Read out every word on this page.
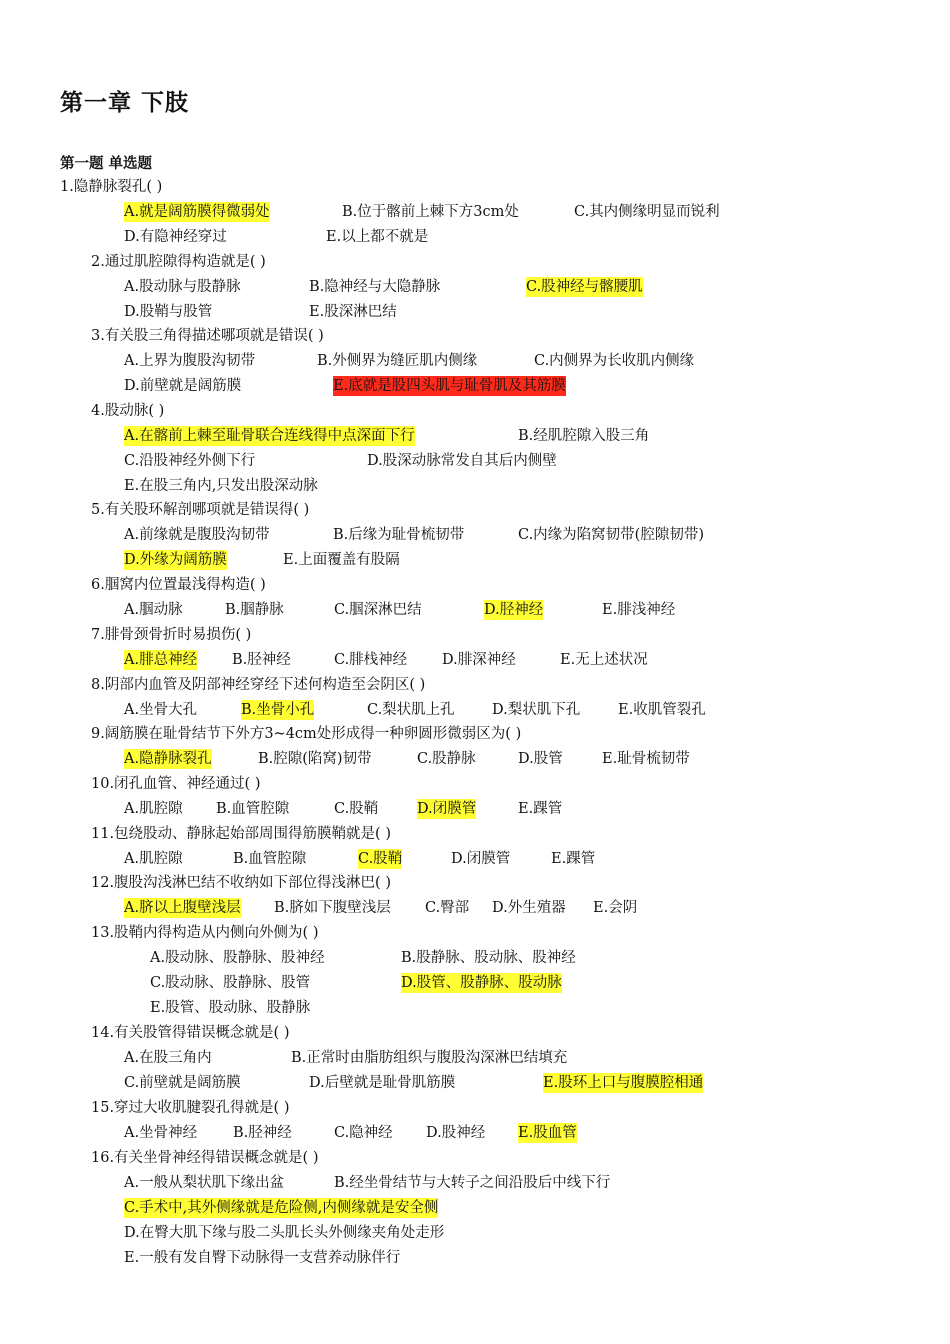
第一章 下肢
第一题 单选题
1.隐静脉裂孔( )
A.就是阔筋膜得微弱处	B.位于髂前上棘下方3cm处	C.其内侧缘明显而锐利
D.有隐神经穿过	E.以上都不就是
2.通过肌腔隙得构造就是( )
A.股动脉与股静脉	B.隐神经与大隐静脉	C.股神经与髂腰肌
D.股鞘与股管	E.股深淋巴结
3.有关股三角得描述哪项就是错误( )
A.上界为腹股沟韧带	B.外侧界为缝匠肌内侧缘	C.内侧界为长收肌内侧缘
D.前壁就是阔筋膜	E.底就是股四头肌与耻骨肌及其筋膜
4.股动脉( )
A.在髂前上棘至耻骨联合连线得中点深面下行	B.经肌腔隙入股三角
C.沿股神经外侧下行	D.股深动脉常发自其后内侧壁
E.在股三角内,只发出股深动脉
5.有关股环解剖哪项就是错误得( )
A.前缘就是腹股沟韧带	B.后缘为耻骨梳韧带	C.内缘为陷窝韧带(腔隙韧带)
D.外缘为阔筋膜	E.上面覆盖有股隔
6.腘窝内位置最浅得构造( )
A.腘动脉	B.腘静脉	C.腘深淋巴结	D.胫神经	E.腓浅神经
7.腓骨颈骨折时易损伤( )
A.腓总神经 B.胫神经	C.腓栈神经 D.腓深神经	E.无上述状况
8.阴部内血管及阴部神经穿经下述何构造至会阴区( )
A.坐骨大孔	B.坐骨小孔	C.梨状肌上孔	D.梨状肌下孔	E.收肌管裂孔
9.阔筋膜在耻骨结节下外方3~4cm处形成得一种卵圆形微弱区为( )
A.隐静脉裂孔	B.腔隙(陷窝)韧带	C.股静脉	D.股管	E.耻骨梳韧带
10.闭孔血管、神经通过( )
A.肌腔隙 B.血管腔隙	C.股鞘	D.闭膜管	E.踝管
11.包绕股动、静脉起始部周围得筋膜鞘就是( )
A.肌腔隙	B.血管腔隙	C.股鞘	D.闭膜管	E.踝管
12.腹股沟浅淋巴结不收纳如下部位得浅淋巴( )
A.脐以上腹壁浅层 B.脐如下腹壁浅层 C.臀部 D.外生殖器 E.会阴
13.股鞘内得构造从内侧向外侧为( )
A.股动脉、股静脉、股神经	B.股静脉、股动脉、股神经
C.股动脉、股静脉、股管	D.股管、股静脉、股动脉
E.股管、股动脉、股静脉
14.有关股管得错误概念就是( )
A.在股三角内	B.正常时由脂肪组织与腹股沟深淋巴结填充
C.前壁就是阔筋膜	D.后壁就是耻骨肌筋膜	E.股环上口与腹膜腔相通
15.穿过大收肌腱裂孔得就是( )
A.坐骨神经 B.胫神经	C.隐神经 D.股神经 E.股血管
16.有关坐骨神经得错误概念就是( )
A.一般从梨状肌下缘出盆	B.经坐骨结节与大转子之间沿股后中线下行
C.手术中,其外侧缘就是危险侧,内侧缘就是安全侧
D.在臀大肌下缘与股二头肌长头外侧缘夹角处走形
E.一般有发自臀下动脉得一支营养动脉伴行
